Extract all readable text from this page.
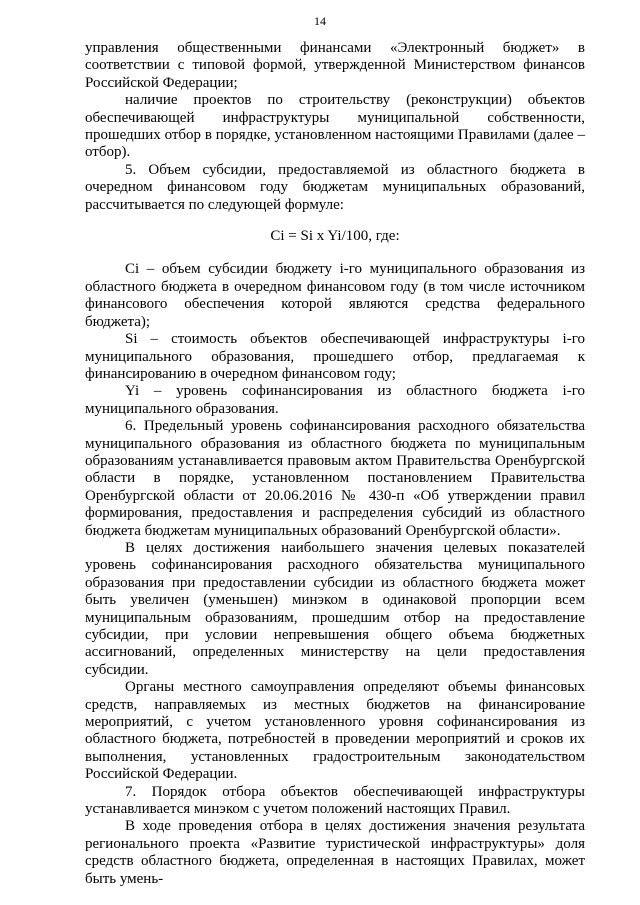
14

управления общественными финансами «Электронный бюджет» в соответствии с типовой формой, утвержденной Министерством финансов Российской Федерации;

наличие проектов по строительству (реконструкции) объектов обеспечивающей инфраструктуры муниципальной собственности, прошедших отбор в порядке, установленном настоящими Правилами (далее – отбор).

5. Объем субсидии, предоставляемой из областного бюджета в очередном финансовом году бюджетам муниципальных образований, рассчитывается по следующей формуле:

Ci = Si x Yi/100, где:

Ci – объем субсидии бюджету i-го муниципального образования из областного бюджета в очередном финансовом году (в том числе источником финансового обеспечения которой являются средства федерального бюджета);

Si – стоимость объектов обеспечивающей инфраструктуры i-го муниципального образования, прошедшего отбор, предлагаемая к финансированию в очередном финансовом году;

Yi – уровень софинансирования из областного бюджета i-го муниципального образования.

6. Предельный уровень софинансирования расходного обязательства муниципального образования из областного бюджета по муниципальным образованиям устанавливается правовым актом Правительства Оренбургской области в порядке, установленном постановлением Правительства Оренбургской области от 20.06.2016 № 430-п «Об утверждении правил формирования, предоставления и распределения субсидий из областного бюджета бюджетам муниципальных образований Оренбургской области».

В целях достижения наибольшего значения целевых показателей уровень софинансирования расходного обязательства муниципального образования при предоставлении субсидии из областного бюджета может быть увеличен (уменьшен) минэком в одинаковой пропорции всем муниципальным образованиям, прошедшим отбор на предоставление субсидии, при условии непревышения общего объема бюджетных ассигнований, определенных министерству на цели предоставления субсидии.

Органы местного самоуправления определяют объемы финансовых средств, направляемых из местных бюджетов на финансирование мероприятий, с учетом установленного уровня софинансирования из областного бюджета, потребностей в проведении мероприятий и сроков их выполнения, установленных градостроительным законодательством Российской Федерации.

7. Порядок отбора объектов обеспечивающей инфраструктуры устанавливается минэком с учетом положений настоящих Правил.

В ходе проведения отбора в целях достижения значения результата регионального проекта «Развитие туристической инфраструктуры» доля средств областного бюджета, определенная в настоящих Правилах, может быть умень-
